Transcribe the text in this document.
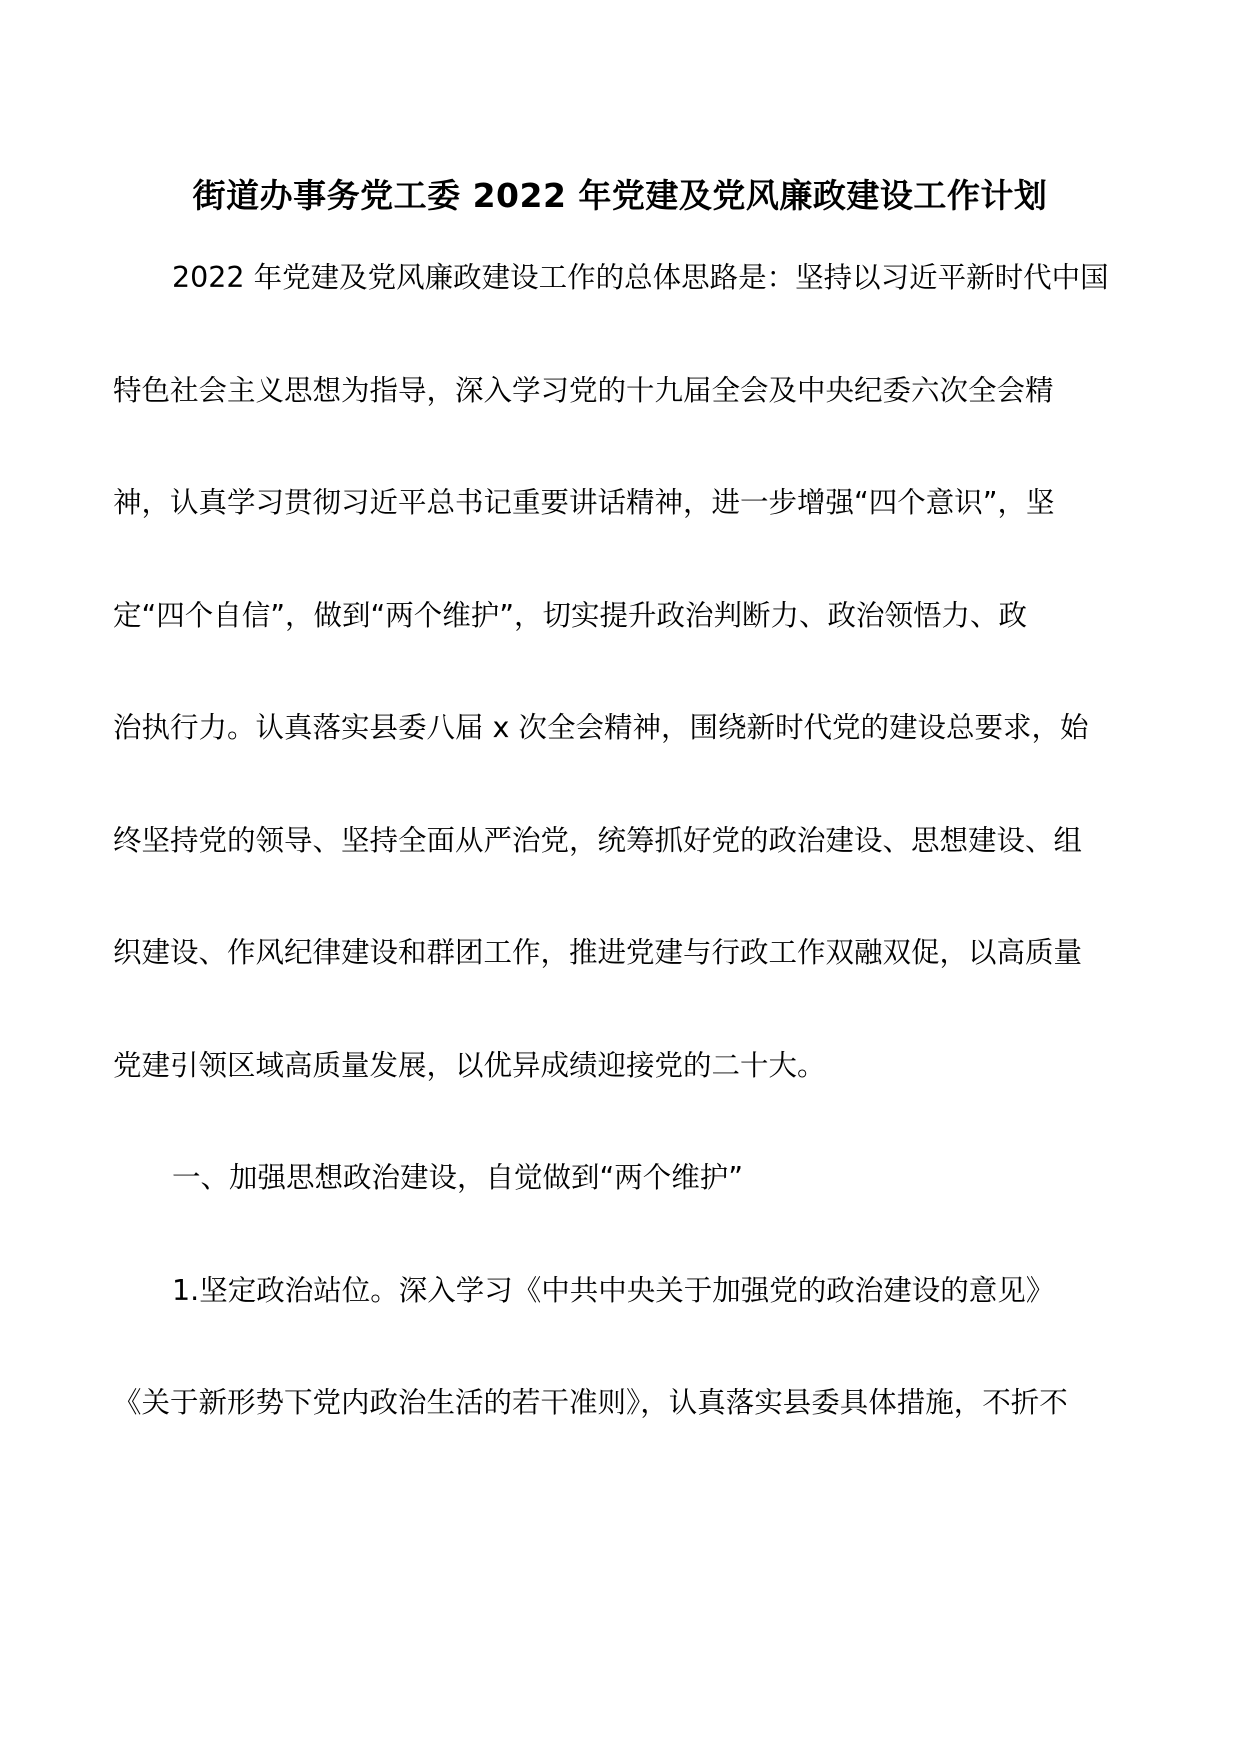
街道办事务党工委 2022 年党建及党风廉政建设工作计划
2022 年党建及党风廉政建设工作的总体思路是：坚持以习近平新时代中国
特色社会主义思想为指导，深入学习党的十九届全会及中央纪委六次全会精
神，认真学习贯彻习近平总书记重要讲话精神，进一步增强“四个意识”，坚
定“四个自信”，做到“两个维护”，切实提升政治判断力、政治领悟力、政
治执行力。认真落实县委八届 x 次全会精神，围绕新时代党的建设总要求，始
终坚持党的领导、坚持全面从严治党，统筹抓好党的政治建设、思想建设、组
织建设、作风纪律建设和群团工作，推进党建与行政工作双融双促，以高质量
党建引领区域高质量发展，以优异成绩迎接党的二十大。
一、加强思想政治建设，自觉做到“两个维护”
1.坚定政治站位。深入学习《中共中央关于加强党的政治建设的意见》
《关于新形势下党内政治生活的若干准则》，认真落实县委具体措施，不折不
